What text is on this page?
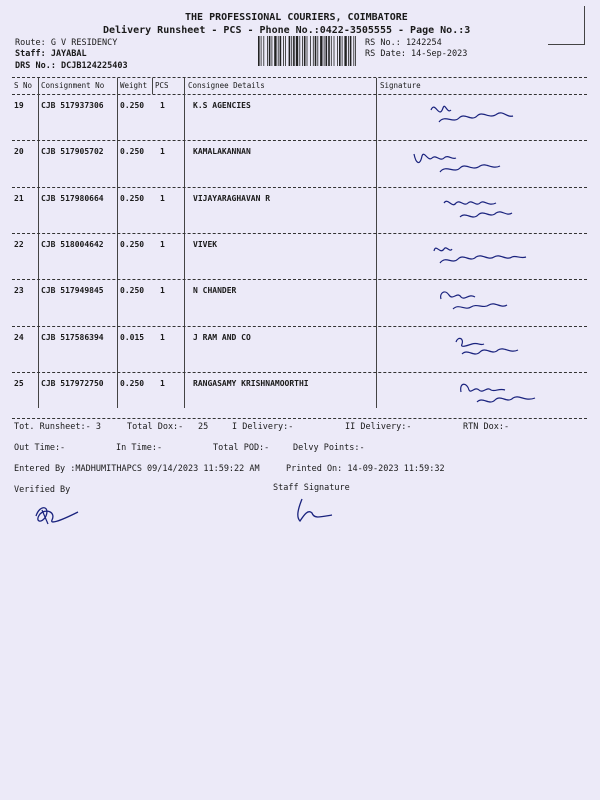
THE PROFESSIONAL COURIERS, COIMBATORE
Delivery Runsheet - PCS - Phone No.:0422-3505555 - Page No.:3
Route: G V RESIDENCY
Staff: JAYABAL
DRS No.: DCJB124225403
RS No.: 1242254
RS Date: 14-Sep-2023
S No Consignment No Weight PCS	Consignee Details	Signature
19 CJB 517937306 0.250 1	K.S AGENCIES
20 CJB 517905702 0.250 1	KAMALAKANNAN
21 CJB 517980664 0.250 1	VIJAYARAGHAVAN R
22 CJB 518004642 0.250 1	VIVEK
23 CJB 517949845 0.250 1	N CHANDER
24 CJB 517586394 0.015 1	J RAM AND CO
25 CJB 517972750 0.250 1	RANGASAMY KRISHNAMOORTHI
Tot. Runsheet:- 3	Total Dox:- 25	I Delivery:-	II Delivery:-	RTN Dox:-
Out Time:-	In Time:-	Total POD:-	Delvy Points:-
Entered By :MADHUMITHAPCS 09/14/2023 11:59:22 AM	Printed On: 14-09-2023 11:59:32
Verified By	Staff Signature
